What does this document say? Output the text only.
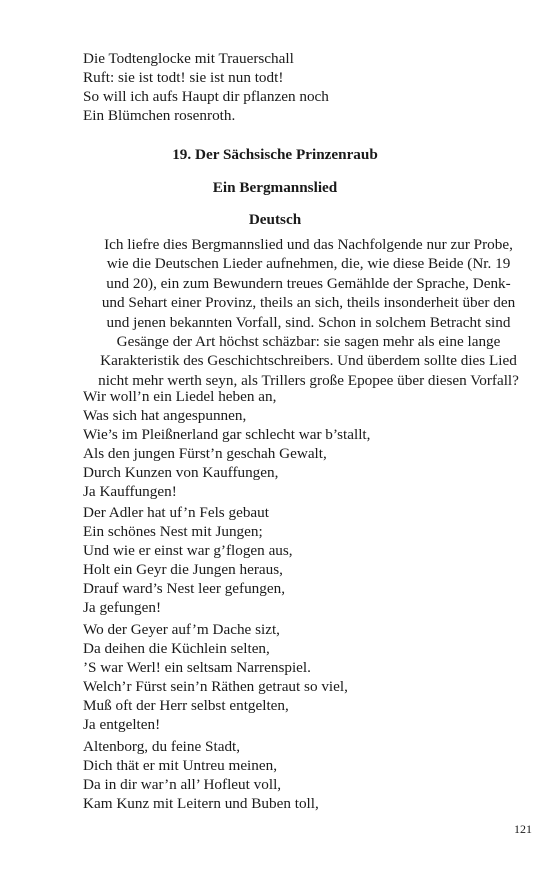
Die Todtenglocke mit Trauerschall
Ruft: sie ist todt! sie ist nun todt!
So will ich aufs Haupt dir pflanzen noch
Ein Blümchen rosenroth.
19. Der Sächsische Prinzenraub
Ein Bergmannslied
Deutsch
Ich liefre dies Bergmannslied und das Nachfolgende nur zur Probe,
wie die Deutschen Lieder aufnehmen, die, wie diese Beide (Nr. 19
und 20), ein zum Bewundern treues Gemählde der Sprache, Denk-
und Sehart einer Provinz, theils an sich, theils insonderheit über den
und jenen bekannten Vorfall, sind. Schon in solchem Betracht sind
Gesänge der Art höchst schäzbar: sie sagen mehr als eine lange
Karakteristik des Geschichtschreibers. Und überdem sollte dies Lied
nicht mehr werth seyn, als Trillers große Epopee über diesen Vorfall?
Wir woll’n ein Liedel heben an,
Was sich hat angespunnen,
Wie’s im Pleißnerland gar schlecht war b’stallt,
Als den jungen Fürst’n geschah Gewalt,
Durch Kunzen von Kauffungen,
Ja Kauffungen!
Der Adler hat uf’n Fels gebaut
Ein schönes Nest mit Jungen;
Und wie er einst war g’flogen aus,
Holt ein Geyr die Jungen heraus,
Drauf ward’s Nest leer gefungen,
Ja gefungen!
Wo der Geyer auf’m Dache sizt,
Da deihen die Küchlein selten,
’S war Werl! ein seltsam Narrenspiel.
Welch’r Fürst sein’n Räthen getraut so viel,
Muß oft der Herr selbst entgelten,
Ja entgelten!
Altenborg, du feine Stadt,
Dich thät er mit Untreu meinen,
Da in dir war’n all’ Hofleut voll,
Kam Kunz mit Leitern und Buben toll,
121
